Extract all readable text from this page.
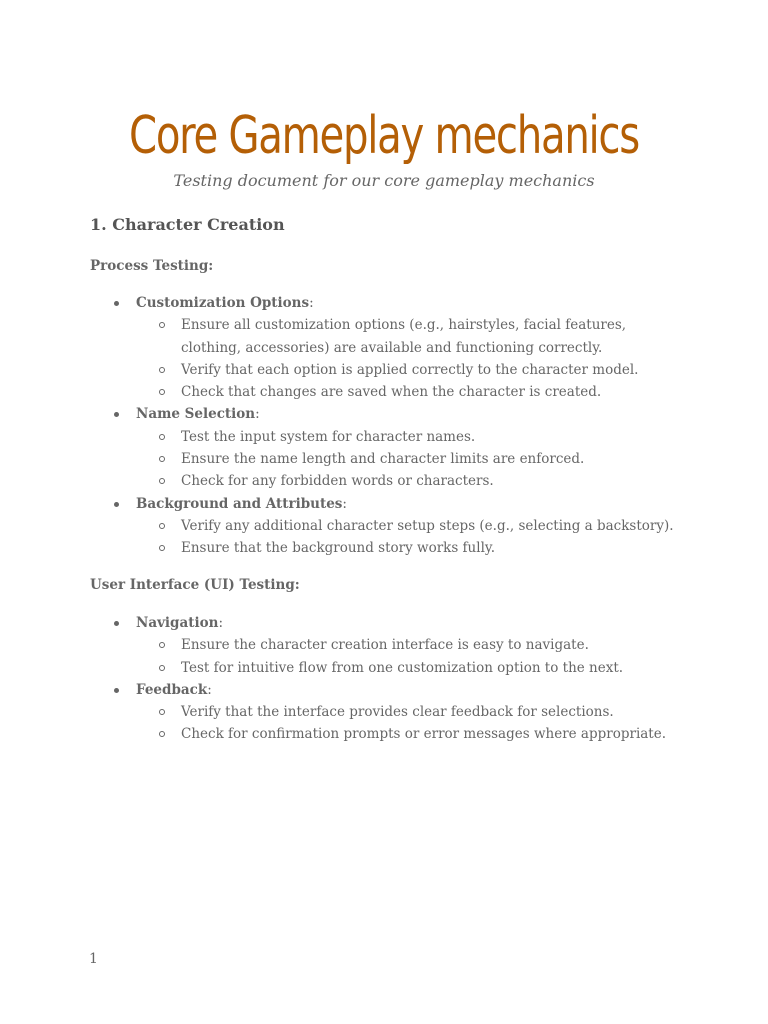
Core Gameplay mechanics
Testing document for our core gameplay mechanics
1. Character Creation
Process Testing:
Customization Options:
Ensure all customization options (e.g., hairstyles, facial features, clothing, accessories) are available and functioning correctly.
Verify that each option is applied correctly to the character model.
Check that changes are saved when the character is created.
Name Selection:
Test the input system for character names.
Ensure the name length and character limits are enforced.
Check for any forbidden words or characters.
Background and Attributes:
Verify any additional character setup steps (e.g., selecting a backstory).
Ensure that the background story works fully.
User Interface (UI) Testing:
Navigation:
Ensure the character creation interface is easy to navigate.
Test for intuitive flow from one customization option to the next.
Feedback:
Verify that the interface provides clear feedback for selections.
Check for confirmation prompts or error messages where appropriate.
1
